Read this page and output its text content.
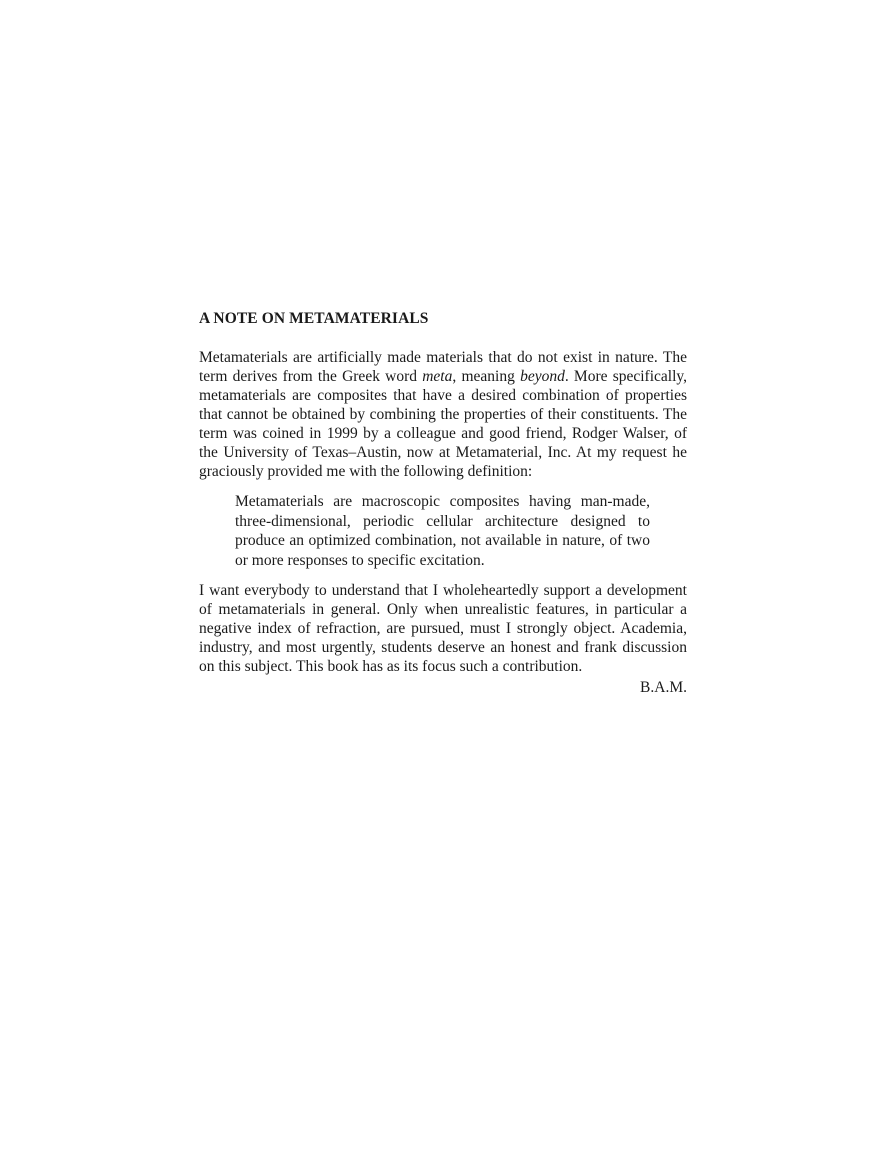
A NOTE ON METAMATERIALS

Metamaterials are artificially made materials that do not exist in nature. The term derives from the Greek word meta, meaning beyond. More specifically, metamaterials are composites that have a desired combination of properties that cannot be obtained by combining the properties of their constituents. The term was coined in 1999 by a colleague and good friend, Rodger Walser, of the University of Texas–Austin, now at Metamaterial, Inc. At my request he graciously provided me with the following definition:

Metamaterials are macroscopic composites having man-made, three-dimensional, periodic cellular architecture designed to produce an optimized combination, not available in nature, of two or more responses to specific excitation.

I want everybody to understand that I wholeheartedly support a development of metamaterials in general. Only when unrealistic features, in particular a negative index of refraction, are pursued, must I strongly object. Academia, industry, and most urgently, students deserve an honest and frank discussion on this subject. This book has as its focus such a contribution.

B.A.M.
